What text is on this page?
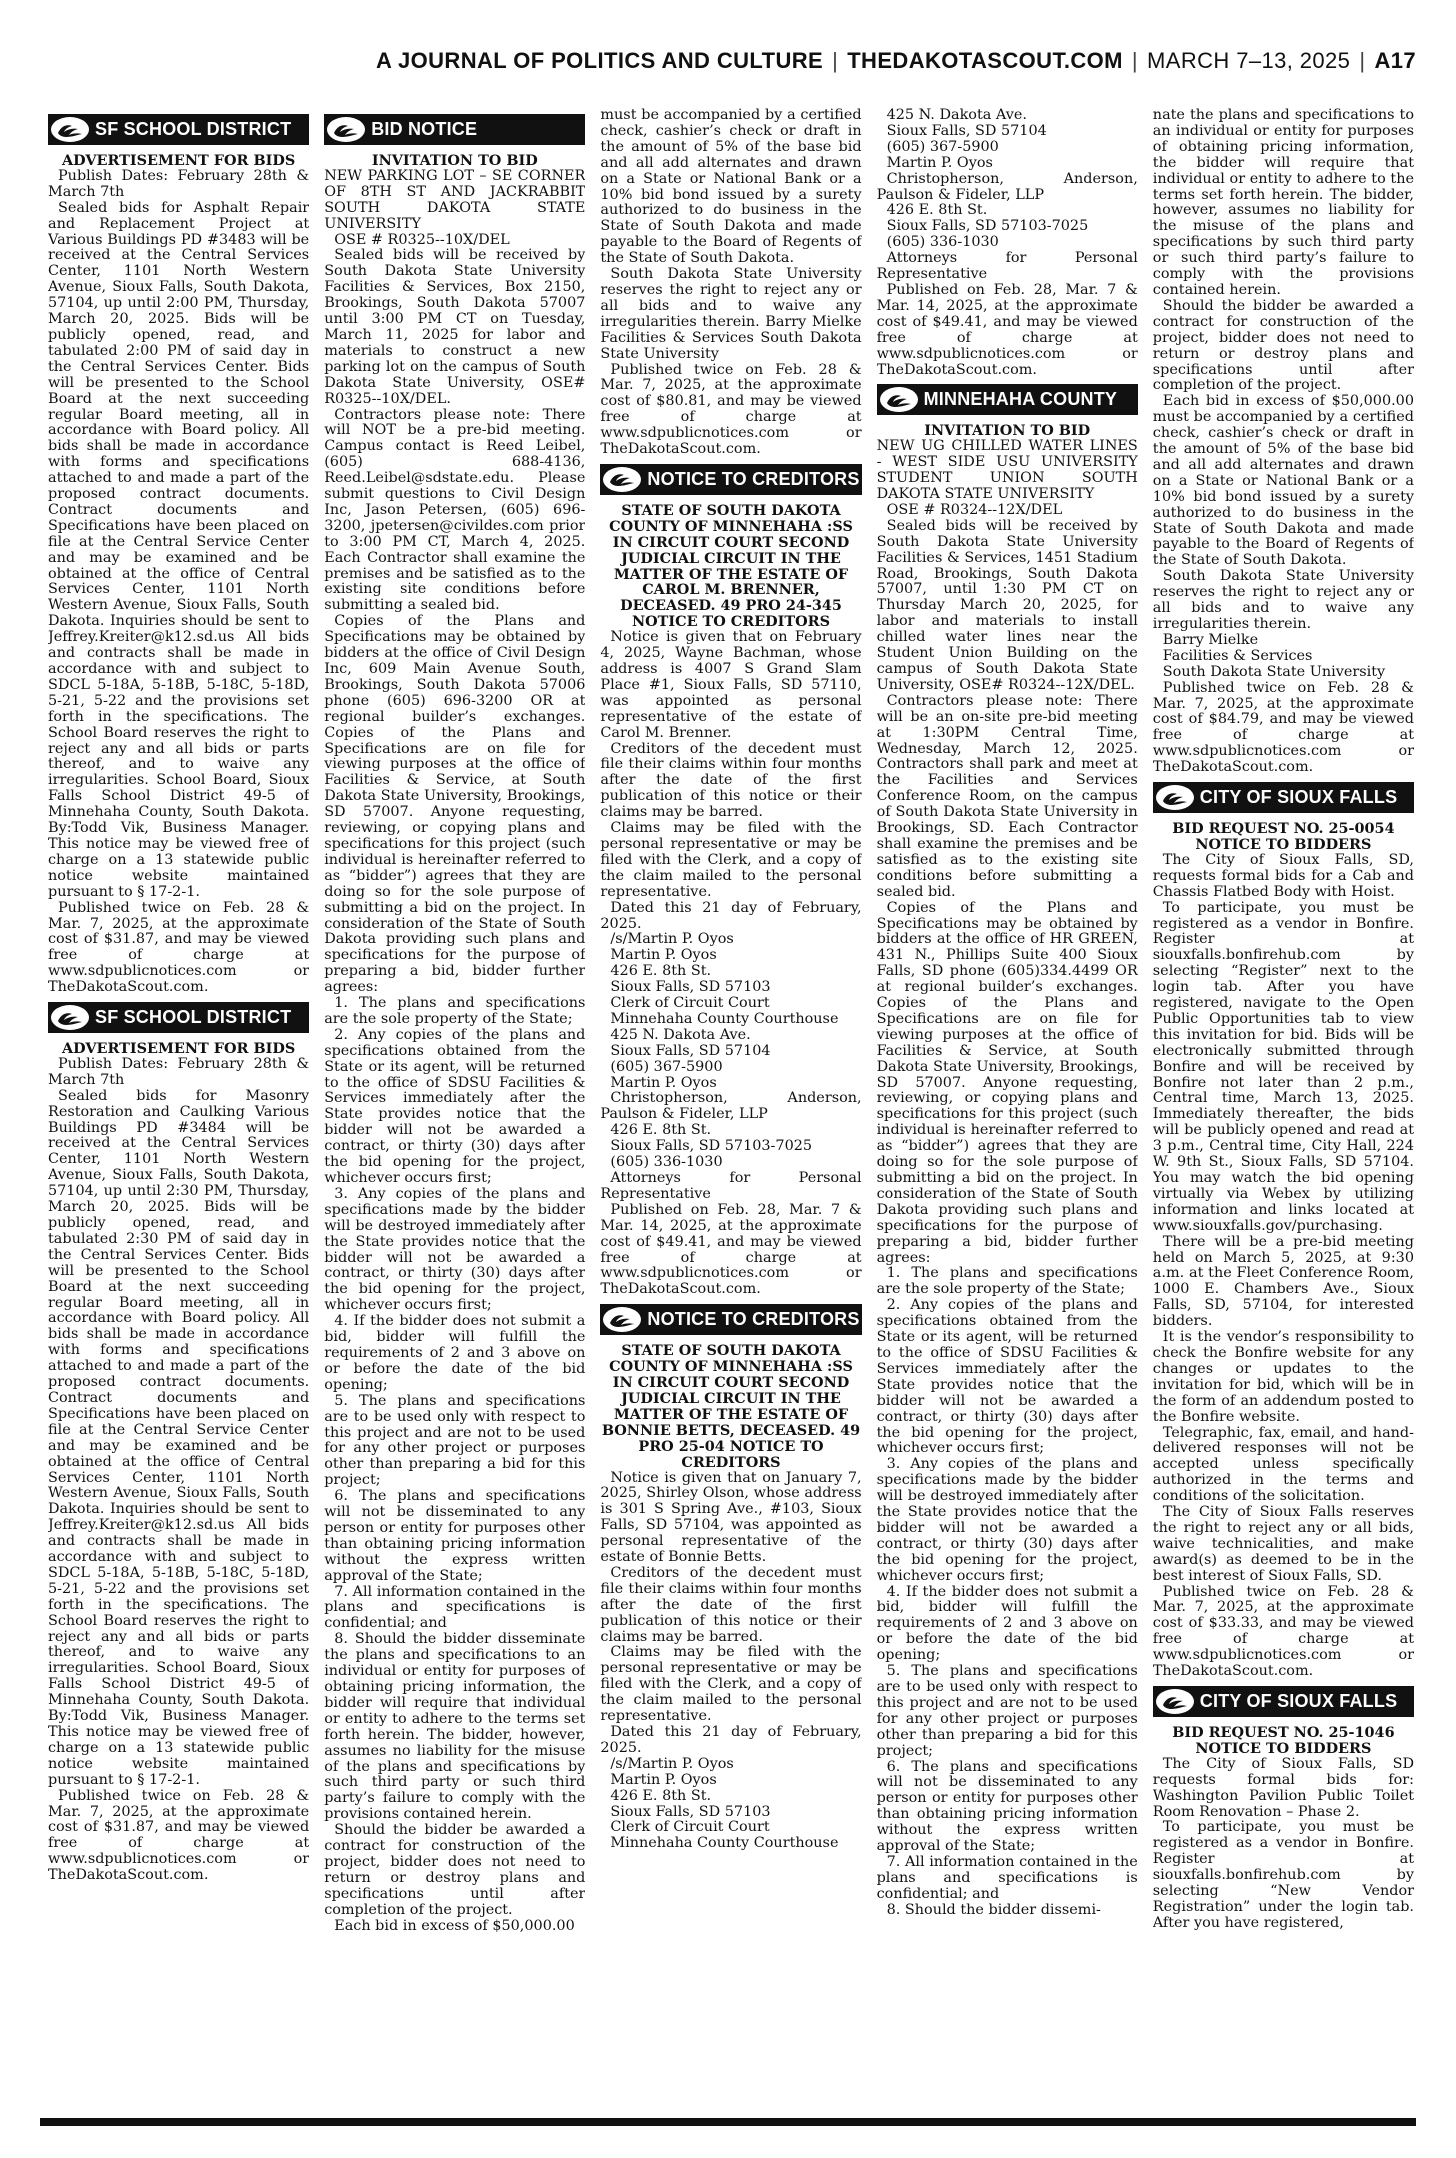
A JOURNAL OF POLITICS AND CULTURE | THEDAKOTASCOUT.COM | MARCH 7–13, 2025 | A17
SF SCHOOL DISTRICT

ADVERTISEMENT FOR BIDS

Publish Dates: February 28th & March 7th

Sealed bids for Asphalt Repair and Replacement Project at Various Buildings PD #3483 will be received at the Central Services Center, 1101 North Western Avenue, Sioux Falls, South Dakota, 57104, up until 2:00 PM, Thursday, March 20, 2025. Bids will be publicly opened, read, and tabulated 2:00 PM of said day in the Central Services Center. Bids will be presented to the School Board at the next succeeding regular Board meeting, all in accordance with Board policy. All bids shall be made in accordance with forms and specifications attached to and made a part of the proposed contract documents. Contract documents and Specifications have been placed on file at the Central Service Center and may be examined and be obtained at the office of Central Services Center, 1101 North Western Avenue, Sioux Falls, South Dakota. Inquiries should be sent to Jeffrey.Kreiter@k12.sd.us All bids and contracts shall be made in accordance with and subject to SDCL 5-18A, 5-18B, 5-18C, 5-18D, 5-21, 5-22 and the provisions set forth in the specifications. The School Board reserves the right to reject any and all bids or parts thereof, and to waive any irregularities. School Board, Sioux Falls School District 49-5 of Minnehaha County, South Dakota. By:Todd Vik, Business Manager. This notice may be viewed free of charge on a 13 statewide public notice website maintained pursuant to § 17-2-1.

Published twice on Feb. 28 & Mar. 7, 2025, at the approximate cost of $31.87, and may be viewed free of charge at www.sdpublicnotices.com or TheDakotaScout.com.

SF SCHOOL DISTRICT

ADVERTISEMENT FOR BIDS

Publish Dates: February 28th & March 7th

Sealed bids for Masonry Restoration and Caulking Various Buildings PD #3484 will be received at the Central Services Center, 1101 North Western Avenue, Sioux Falls, South Dakota, 57104, up until 2:30 PM, Thursday, March 20, 2025. Bids will be publicly opened, read, and tabulated 2:30 PM of said day in the Central Services Center. Bids will be presented to the School Board at the next succeeding regular Board meeting, all in accordance with Board policy. All bids shall be made in accordance with forms and specifications attached to and made a part of the proposed contract documents. Contract documents and Specifications have been placed on file at the Central Service Center and may be examined and be obtained at the office of Central Services Center, 1101 North Western Avenue, Sioux Falls, South Dakota. Inquiries should be sent to Jeffrey.Kreiter@k12.sd.us All bids and contracts shall be made in accordance with and subject to SDCL 5-18A, 5-18B, 5-18C, 5-18D, 5-21, 5-22 and the provisions set forth in the specifications. The School Board reserves the right to reject any and all bids or parts thereof, and to waive any irregularities. School Board, Sioux Falls School District 49-5 of Minnehaha County, South Dakota. By:Todd Vik, Business Manager. This notice may be viewed free of charge on a 13 statewide public notice website maintained pursuant to § 17-2-1.

Published twice on Feb. 28 & Mar. 7, 2025, at the approximate cost of $31.87, and may be viewed free of charge at www.sdpublicnotices.com or TheDakotaScout.com.

BID NOTICE

INVITATION TO BID

NEW PARKING LOT – SE CORNER OF 8TH ST AND JACKRABBIT SOUTH DAKOTA STATE UNIVERSITY

OSE # R0325--10X/DEL

Sealed bids will be received by South Dakota State University Facilities & Services, Box 2150, Brookings, South Dakota 57007 until 3:00 PM CT on Tuesday, March 11, 2025 for labor and materials to construct a new parking lot on the campus of South Dakota State University, OSE# R0325--10X/DEL.

Contractors please note: There will NOT be a pre-bid meeting. Campus contact is Reed Leibel, (605) 688-4136, Reed.Leibel@sdstate.edu. Please submit questions to Civil Design Inc, Jason Petersen, (605) 696-3200, jpetersen@civildes.com prior to 3:00 PM CT, March 4, 2025. Each Contractor shall examine the premises and be satisfied as to the existing site conditions before submitting a sealed bid.

Copies of the Plans and Specifications may be obtained by bidders at the office of Civil Design Inc, 609 Main Avenue South, Brookings, South Dakota 57006 phone (605) 696-3200 OR at regional builder’s exchanges. Copies of the Plans and Specifications are on file for viewing purposes at the office of Facilities & Service, at South Dakota State University, Brookings, SD 57007. Anyone requesting, reviewing, or copying plans and specifications for this project (such individual is hereinafter referred to as “bidder”) agrees that they are doing so for the sole purpose of submitting a bid on the project. In consideration of the State of South Dakota providing such plans and specifications for the purpose of preparing a bid, bidder further agrees:

1. The plans and specifications are the sole property of the State;

2. Any copies of the plans and specifications obtained from the State or its agent, will be returned to the office of SDSU Facilities & Services immediately after the State provides notice that the bidder will not be awarded a contract, or thirty (30) days after the bid opening for the project, whichever occurs first;

3. Any copies of the plans and specifications made by the bidder will be destroyed immediately after the State provides notice that the bidder will not be awarded a contract, or thirty (30) days after the bid opening for the project, whichever occurs first;

4. If the bidder does not submit a bid, bidder will fulfill the requirements of 2 and 3 above on or before the date of the bid opening;

5. The plans and specifications are to be used only with respect to this project and are not to be used for any other project or purposes other than preparing a bid for this project;

6. The plans and specifications will not be disseminated to any person or entity for purposes other than obtaining pricing information without the express written approval of the State;

7. All information contained in the plans and specifications is confidential; and

8. Should the bidder disseminate the plans and specifications to an individual or entity for purposes of obtaining pricing information, the bidder will require that individual or entity to adhere to the terms set forth herein. The bidder, however, assumes no liability for the misuse of the plans and specifications by such third party or such third party’s failure to comply with the provisions contained herein.

Should the bidder be awarded a contract for construction of the project, bidder does not need to return or destroy plans and specifications until after completion of the project.

Each bid in excess of $50,000.00

must be accompanied by a certified check, cashier’s check or draft in the amount of 5% of the base bid and all add alternates and drawn on a State or National Bank or a 10% bid bond issued by a surety authorized to do business in the State of South Dakota and made payable to the Board of Regents of the State of South Dakota.

South Dakota State University reserves the right to reject any or all bids and to waive any irregularities therein. Barry Mielke Facilities & Services South Dakota State University

Published twice on Feb. 28 & Mar. 7, 2025, at the approximate cost of $80.81, and may be viewed free of charge at www.sdpublicnotices.com or TheDakotaScout.com.

NOTICE TO CREDITORS

STATE OF SOUTH DAKOTA COUNTY OF MINNEHAHA :SS IN CIRCUIT COURT SECOND JUDICIAL CIRCUIT IN THE MATTER OF THE ESTATE OF CAROL M. BRENNER, DECEASED. 49 PRO 24-345 NOTICE TO CREDITORS

Notice is given that on February 4, 2025, Wayne Bachman, whose address is 4007 S Grand Slam Place #1, Sioux Falls, SD 57110, was appointed as personal representative of the estate of Carol M. Brenner.

Creditors of the decedent must file their claims within four months after the date of the first publication of this notice or their claims may be barred.

Claims may be filed with the personal representative or may be filed with the Clerk, and a copy of the claim mailed to the personal representative.

Dated this 21 day of February, 2025.

/s/Martin P. Oyos

Martin P. Oyos

426 E. 8th St.

Sioux Falls, SD 57103

Clerk of Circuit Court

Minnehaha County Courthouse

425 N. Dakota Ave.

Sioux Falls, SD 57104

(605) 367-5900

Martin P. Oyos

Christopherson, Anderson, Paulson & Fideler, LLP

426 E. 8th St.

Sioux Falls, SD 57103-7025

(605) 336-1030

Attorneys for Personal Representative

Published on Feb. 28, Mar. 7 & Mar. 14, 2025, at the approximate cost of $49.41, and may be viewed free of charge at www.sdpublicnotices.com or TheDakotaScout.com.

NOTICE TO CREDITORS

STATE OF SOUTH DAKOTA COUNTY OF MINNEHAHA :SS IN CIRCUIT COURT SECOND JUDICIAL CIRCUIT IN THE MATTER OF THE ESTATE OF BONNIE BETTS, DECEASED. 49 PRO 25-04 NOTICE TO CREDITORS

Notice is given that on January 7, 2025, Shirley Olson, whose address is 301 S Spring Ave., #103, Sioux Falls, SD 57104, was appointed as personal representative of the estate of Bonnie Betts.

Creditors of the decedent must file their claims within four months after the date of the first publication of this notice or their claims may be barred.

Claims may be filed with the personal representative or may be filed with the Clerk, and a copy of the claim mailed to the personal representative.

Dated this 21 day of February, 2025.

/s/Martin P. Oyos

Martin P. Oyos

426 E. 8th St.

Sioux Falls, SD 57103

Clerk of Circuit Court

Minnehaha County Courthouse

425 N. Dakota Ave.

Sioux Falls, SD 57104

(605) 367-5900

Martin P. Oyos

Christopherson, Anderson, Paulson & Fideler, LLP

426 E. 8th St.

Sioux Falls, SD 57103-7025

(605) 336-1030

Attorneys for Personal Representative

Published on Feb. 28, Mar. 7 & Mar. 14, 2025, at the approximate cost of $49.41, and may be viewed free of charge at www.sdpublicnotices.com or TheDakotaScout.com.

MINNEHAHA COUNTY

INVITATION TO BID

NEW UG CHILLED WATER LINES - WEST SIDE USU UNIVERSITY STUDENT UNION SOUTH DAKOTA STATE UNIVERSITY

OSE # R0324--12X/DEL

Sealed bids will be received by South Dakota State University Facilities & Services, 1451 Stadium Road, Brookings, South Dakota 57007, until 1:30 PM CT on Thursday March 20, 2025, for labor and materials to install chilled water lines near the Student Union Building on the campus of South Dakota State University, OSE# R0324--12X/DEL.

Contractors please note: There will be an on-site pre-bid meeting at 1:30PM Central Time, Wednesday, March 12, 2025. Contractors shall park and meet at the Facilities and Services Conference Room, on the campus of South Dakota State University in Brookings, SD. Each Contractor shall examine the premises and be satisfied as to the existing site conditions before submitting a sealed bid.

Copies of the Plans and Specifications may be obtained by bidders at the office of HR GREEN, 431 N., Phillips Suite 400 Sioux Falls, SD phone (605)334.4499 OR at regional builder’s exchanges. Copies of the Plans and Specifications are on file for viewing purposes at the office of Facilities & Service, at South Dakota State University, Brookings, SD 57007. Anyone requesting, reviewing, or copying plans and specifications for this project (such individual is hereinafter referred to as “bidder”) agrees that they are doing so for the sole purpose of submitting a bid on the project. In consideration of the State of South Dakota providing such plans and specifications for the purpose of preparing a bid, bidder further agrees:

1. The plans and specifications are the sole property of the State;

2. Any copies of the plans and specifications obtained from the State or its agent, will be returned to the office of SDSU Facilities & Services immediately after the State provides notice that the bidder will not be awarded a contract, or thirty (30) days after the bid opening for the project, whichever occurs first;

3. Any copies of the plans and specifications made by the bidder will be destroyed immediately after the State provides notice that the bidder will not be awarded a contract, or thirty (30) days after the bid opening for the project, whichever occurs first;

4. If the bidder does not submit a bid, bidder will fulfill the requirements of 2 and 3 above on or before the date of the bid opening;

5. The plans and specifications are to be used only with respect to this project and are not to be used for any other project or purposes other than preparing a bid for this project;

6. The plans and specifications will not be disseminated to any person or entity for purposes other than obtaining pricing information without the express written approval of the State;

7. All information contained in the plans and specifications is confidential; and

8. Should the bidder dissemi-

nate the plans and specifications to an individual or entity for purposes of obtaining pricing information, the bidder will require that individual or entity to adhere to the terms set forth herein. The bidder, however, assumes no liability for the misuse of the plans and specifications by such third party or such third party’s failure to comply with the provisions contained herein.

Should the bidder be awarded a contract for construction of the project, bidder does not need to return or destroy plans and specifications until after completion of the project.

Each bid in excess of $50,000.00 must be accompanied by a certified check, cashier’s check or draft in the amount of 5% of the base bid and all add alternates and drawn on a State or National Bank or a 10% bid bond issued by a surety authorized to do business in the State of South Dakota and made payable to the Board of Regents of the State of South Dakota.

South Dakota State University reserves the right to reject any or all bids and to waive any irregularities therein.

Barry Mielke

Facilities & Services

South Dakota State University

Published twice on Feb. 28 & Mar. 7, 2025, at the approximate cost of $84.79, and may be viewed free of charge at www.sdpublicnotices.com or TheDakotaScout.com.

CITY OF SIOUX FALLS

BID REQUEST NO. 25-0054 NOTICE TO BIDDERS

The City of Sioux Falls, SD, requests formal bids for a Cab and Chassis Flatbed Body with Hoist.

To participate, you must be registered as a vendor in Bonfire. Register at siouxfalls.bonfirehub.com by selecting “Register” next to the login tab. After you have registered, navigate to the Open Public Opportunities tab to view this invitation for bid. Bids will be electronically submitted through Bonfire and will be received by Bonfire not later than 2 p.m., Central time, March 13, 2025. Immediately thereafter, the bids will be publicly opened and read at 3 p.m., Central time, City Hall, 224 W. 9th St., Sioux Falls, SD 57104. You may watch the bid opening virtually via Webex by utilizing information and links located at www.siouxfalls.gov/purchasing.

There will be a pre-bid meeting held on March 5, 2025, at 9:30 a.m. at the Fleet Conference Room, 1000 E. Chambers Ave., Sioux Falls, SD, 57104, for interested bidders.

It is the vendor’s responsibility to check the Bonfire website for any changes or updates to the invitation for bid, which will be in the form of an addendum posted to the Bonfire website.

Telegraphic, fax, email, and hand-delivered responses will not be accepted unless specifically authorized in the terms and conditions of the solicitation.

The City of Sioux Falls reserves the right to reject any or all bids, waive technicalities, and make award(s) as deemed to be in the best interest of Sioux Falls, SD.

Published twice on Feb. 28 & Mar. 7, 2025, at the approximate cost of $33.33, and may be viewed free of charge at www.sdpublicnotices.com or TheDakotaScout.com.

CITY OF SIOUX FALLS

BID REQUEST NO. 25-1046 NOTICE TO BIDDERS

The City of Sioux Falls, SD requests formal bids for: Washington Pavilion Public Toilet Room Renovation – Phase 2.

To participate, you must be registered as a vendor in Bonfire. Register at siouxfalls.bonfirehub.com by selecting “New Vendor Registration” under the login tab. After you have registered,
